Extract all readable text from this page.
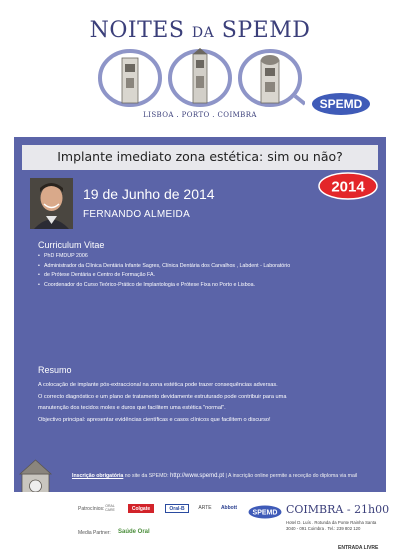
NOITES DA SPEMD
LISBOA . PORTO . COIMBRA
SPEMD
Implante imediato zona estética: sim ou não?
2014
19 de Junho de 2014
FERNANDO ALMEIDA
Curriculum Vitae
• PhD FMDUP 2006
• Administrador da Clínica Dentária Infante Sagres, Clínica Dentária dos Carvalhos , Labdent - Laboratório
• de Prótese Dentária e Centro de Formação FA.
• Coordenador do Curso Teórico-Prático de Implantologia e Prótese Fixa no Porto e Lisboa.
Resumo

A colocação de implante pós-extraccional na zona estética pode trazer consequências adversas.

O correcto diagnóstico e um plano de tratamento devidamente estruturado pode contribuir para uma

manutenção dos tecidos moles e duros que facilitem uma estética "normal".

Objectivo principal: apresentar evidências científicas e casos clínicos que facilitem o discurso!

Inscrição obrigatória no site da SPEMD: http://www.spemd.pt | A inscrição online permite a receção do diploma via mail
Patrocínios: ORAL CARE	Colgate	Oral-B	ARTE	Abbott
Media Partner: Saúde Oral
SPEMD COIMBRA - 21h00
Hotel D. Luís . Rotunda da Ponte Rainha Santa
3040 - 091 Coimbra . Tel.: 239 802 120
ENTRADA LIVRE
